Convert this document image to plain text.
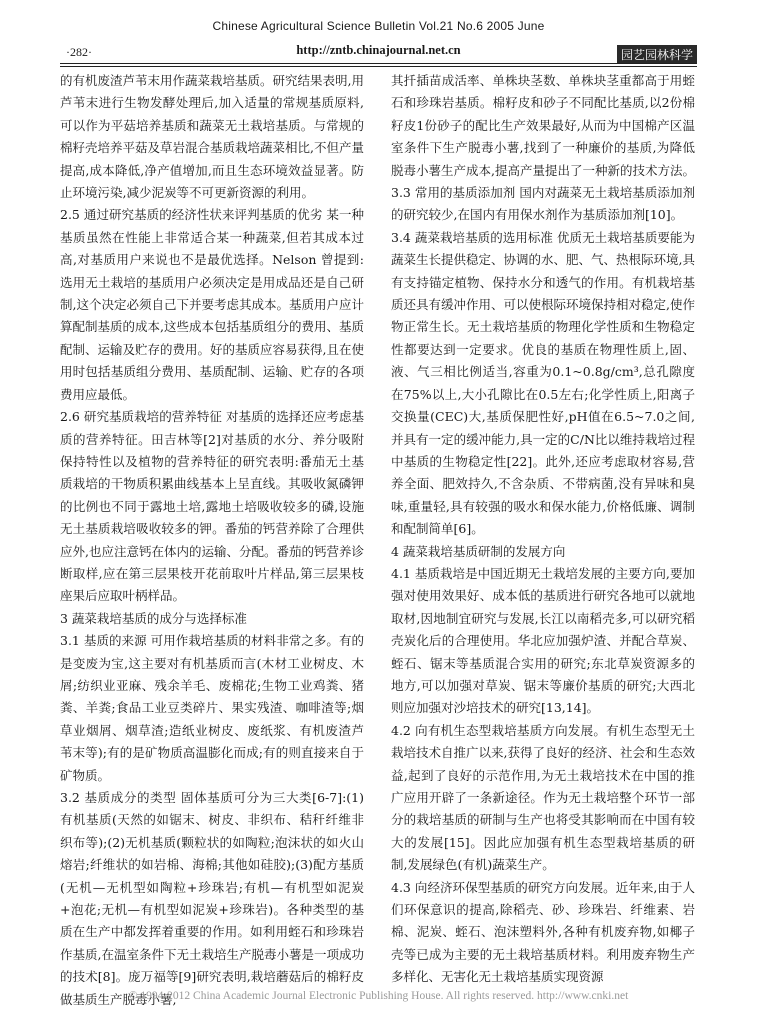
Chinese Agricultural Science Bulletin Vol.21 No.6 2005 June
·282·	http://zntb.chinajournal.net.cn	园艺园林科学

的有机废渣芦苇末用作蔬菜栽培基质。研究结果表明,用芦苇末进行生物发酵处理后,加入适量的常规基质原料,可以作为平菇培养基质和蔬菜无土栽培基质。与常规的棉籽壳培养平菇及草岩混合基质栽培蔬菜相比,不但产量提高,成本降低,净产值增加,而且生态环境效益显著。防止环境污染,减少泥炭等不可更新资源的利用。

2.5 通过研究基质的经济性状来评判基质的优劣 某一种基质虽然在性能上非常适合某一种蔬菜,但若其成本过高,对基质用户来说也不是最优选择。Nelson 曾提到:选用无土栽培的基质用户必须决定是用成品还是自己研制,这个决定必须自己下并要考虑其成本。基质用户应计算配制基质的成本,这些成本包括基质组分的费用、基质配制、运输及贮存的费用。好的基质应容易获得,且在使用时包括基质组分费用、基质配制、运输、贮存的各项费用应最低。

2.6 研究基质栽培的营养特征 对基质的选择还应考虑基质的营养特征。田吉林等[2]对基质的水分、养分吸附保持特性以及植物的营养特征的研究表明:番茄无土基质栽培的干物质积累曲线基本上呈直线。其吸收氮磷钾的比例也不同于露地土培,露地土培吸收较多的磷,设施无土基质栽培吸收较多的钾。番茄的钙营养除了合理供应外,也应注意钙在体内的运输、分配。番茄的钙营养诊断取样,应在第三层果枝开花前取叶片样品,第三层果枝座果后应取叶柄样品。

3 蔬菜栽培基质的成分与选择标准

3.1 基质的来源 可用作栽培基质的材料非常之多。有的是变废为宝,这主要对有机基质而言(木材工业树皮、木屑;纺织业亚麻、残余羊毛、废棉花;生物工业鸡粪、猪粪、羊粪;食品工业豆类碎片、果实残渣、咖啡渣等;烟草业烟屑、烟草渣;造纸业树皮、废纸浆、有机废渣芦苇末等);有的是矿物质高温膨化而成;有的则直接来自于矿物质。

3.2 基质成分的类型 固体基质可分为三大类[6-7]:(1)有机基质(天然的如锯末、树皮、非织布、秸秆纤维非织布等);(2)无机基质(颗粒状的如陶粒;泡沫状的如火山熔岩;纤维状的如岩棉、海棉;其他如硅胶);(3)配方基质(无机—无机型如陶粒+珍珠岩;有机—有机型如泥炭+泡花;无机—有机型如泥炭+珍珠岩)。各种类型的基质在生产中都发挥着重要的作用。如利用蛭石和珍珠岩作基质,在温室条件下无土栽培生产脱毒小薯是一项成功的技术[8]。庞万福等[9]研究表明,栽培蘑菇后的棉籽皮做基质生产脱毒小薯,

其扦插苗成活率、单株块茎数、单株块茎重都高于用蛭石和珍珠岩基质。棉籽皮和砂子不同配比基质,以2份棉籽皮1份砂子的配比生产效果最好,从而为中国棉产区温室条件下生产脱毒小薯,找到了一种廉价的基质,为降低脱毒小薯生产成本,提高产量提出了一种新的技术方法。

3.3 常用的基质添加剂 国内对蔬菜无土栽培基质添加剂的研究较少,在国内有用保水剂作为基质添加剂[10]。

3.4 蔬菜栽培基质的选用标准 优质无土栽培基质要能为蔬菜生长提供稳定、协调的水、肥、气、热根际环境,具有支持锚定植物、保持水分和透气的作用。有机栽培基质还具有缓冲作用、可以使根际环境保持相对稳定,使作物正常生长。无土栽培基质的物理化学性质和生物稳定性都要达到一定要求。优良的基质在物理性质上,固、液、气三相比例适当,容重为0.1~0.8g/cm³,总孔隙度在75%以上,大小孔隙比在0.5左右;化学性质上,阳离子交换量(CEC)大,基质保肥性好,pH值在6.5~7.0之间,并具有一定的缓冲能力,具一定的C/N比以维持栽培过程中基质的生物稳定性[22]。此外,还应考虑取材容易,营养全面、肥效持久,不含杂质、不带病菌,没有异味和臭味,重量轻,具有较强的吸水和保水能力,价格低廉、调制和配制简单[6]。

4 蔬菜栽培基质研制的发展方向

4.1 基质栽培是中国近期无土栽培发展的主要方向,要加强对使用效果好、成本低的基质进行研究各地可以就地取材,因地制宜研究与发展,长江以南稻壳多,可以研究稻壳炭化后的合理使用。华北应加强炉渣、并配合草炭、蛭石、锯末等基质混合实用的研究;东北草炭资源多的地方,可以加强对草炭、锯末等廉价基质的研究;大西北则应加强对沙培技术的研究[13,14]。

4.2 向有机生态型栽培基质方向发展。有机生态型无土栽培技术自推广以来,获得了良好的经济、社会和生态效益,起到了良好的示范作用,为无土栽培技术在中国的推广应用开辟了一条新途径。作为无土栽培整个环节一部分的栽培基质的研制与生产也将受其影响而在中国有较大的发展[15]。因此应加强有机生态型栽培基质的研制,发展绿色(有机)蔬菜生产。

4.3 向经济环保型基质的研究方向发展。近年来,由于人们环保意识的提高,除稻壳、砂、珍珠岩、纤维素、岩棉、泥炭、蛭石、泡沫塑料外,各种有机废弃物,如椰子壳等已成为主要的无土栽培基质材料。利用废弃物生产多样化、无害化无土栽培基质实现资源

© 1994-2012 China Academic Journal Electronic Publishing House. All rights reserved. http://www.cnki.net
